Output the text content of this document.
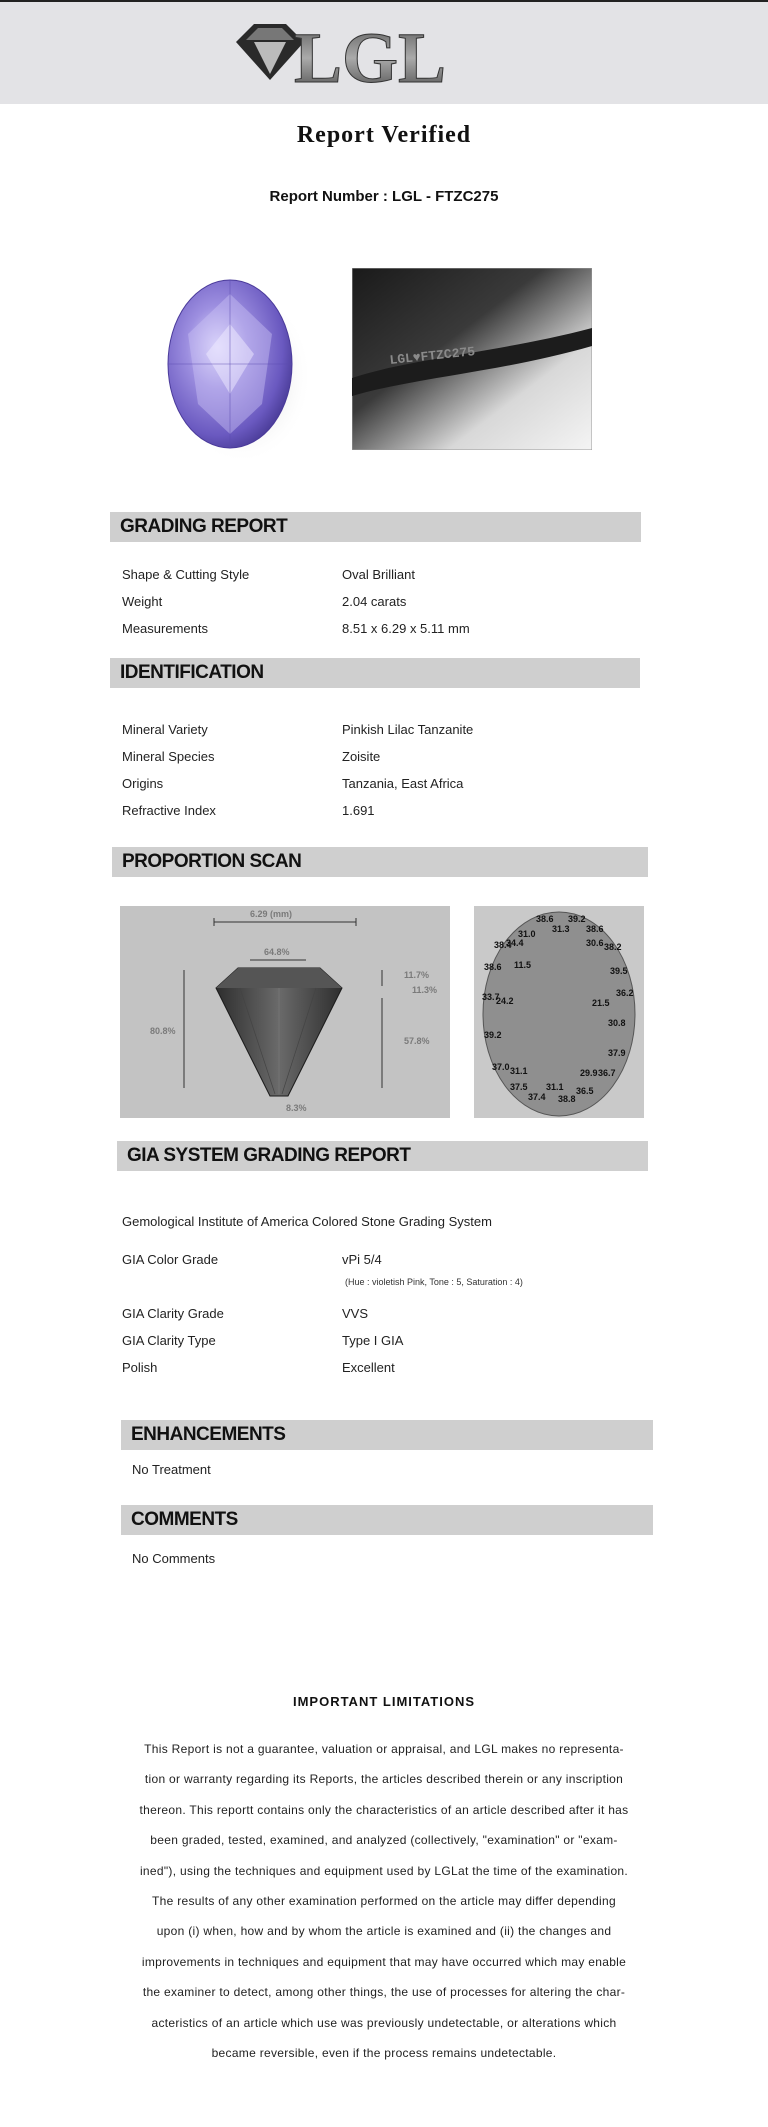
LGL
Report Verified
Report Number : LGL - FTZC275
LGL♥FTZC275
GRADING REPORT
Shape & Cutting Style	Oval Brilliant
Weight	2.04 carats
Measurements	8.51 x 6.29 x 5.11 mm
IDENTIFICATION
Mineral Variety	Pinkish Lilac Tanzanite
Mineral Species	Zoisite
Origins	Tanzania, East Africa
Refractive Index	1.691
PROPORTION SCAN
6.29 (mm)
64.8%
80.8%
11.7%
11.3%
57.8%
8.3%
38.6 39.2
31.3 38.6
31.0
38.4
34.4	30.6 38.2
38.6 11.5
39.5
33.7
24.2
36.2
21.5
30.8
39.2
37.9
37.0 31.1	29.9 36.7
37.5 31.1 36.5
37.4 38.8
GIA SYSTEM GRADING REPORT
Gemological Institute of America Colored Stone Grading System
GIA Color Grade	vPi 5/4
(Hue : violetish Pink, Tone : 5, Saturation : 4)
GIA Clarity Grade	VVS
GIA Clarity Type	Type I GIA
Polish	Excellent
ENHANCEMENTS
No Treatment
COMMENTS
No Comments
IMPORTANT LIMITATIONS
This Report is not a guarantee, valuation or appraisal, and LGL makes no representa-
tion or warranty regarding its Reports, the articles described therein or any inscription
thereon. This reportt contains only the characteristics of an article described after it has
been graded, tested, examined, and analyzed (collectively, "examination" or "exam-
ined"), using the techniques and equipment used by LGLat the time of the examination.
The results of any other examination performed on the article may differ depending
upon (i) when, how and by whom the article is examined and (ii) the changes and
improvements in techniques and equipment that may have occurred which may enable
the examiner to detect, among other things, the use of processes for altering the char-
acteristics of an article which use was previously undetectable, or alterations which
became reversible, even if the process remains undetectable.
